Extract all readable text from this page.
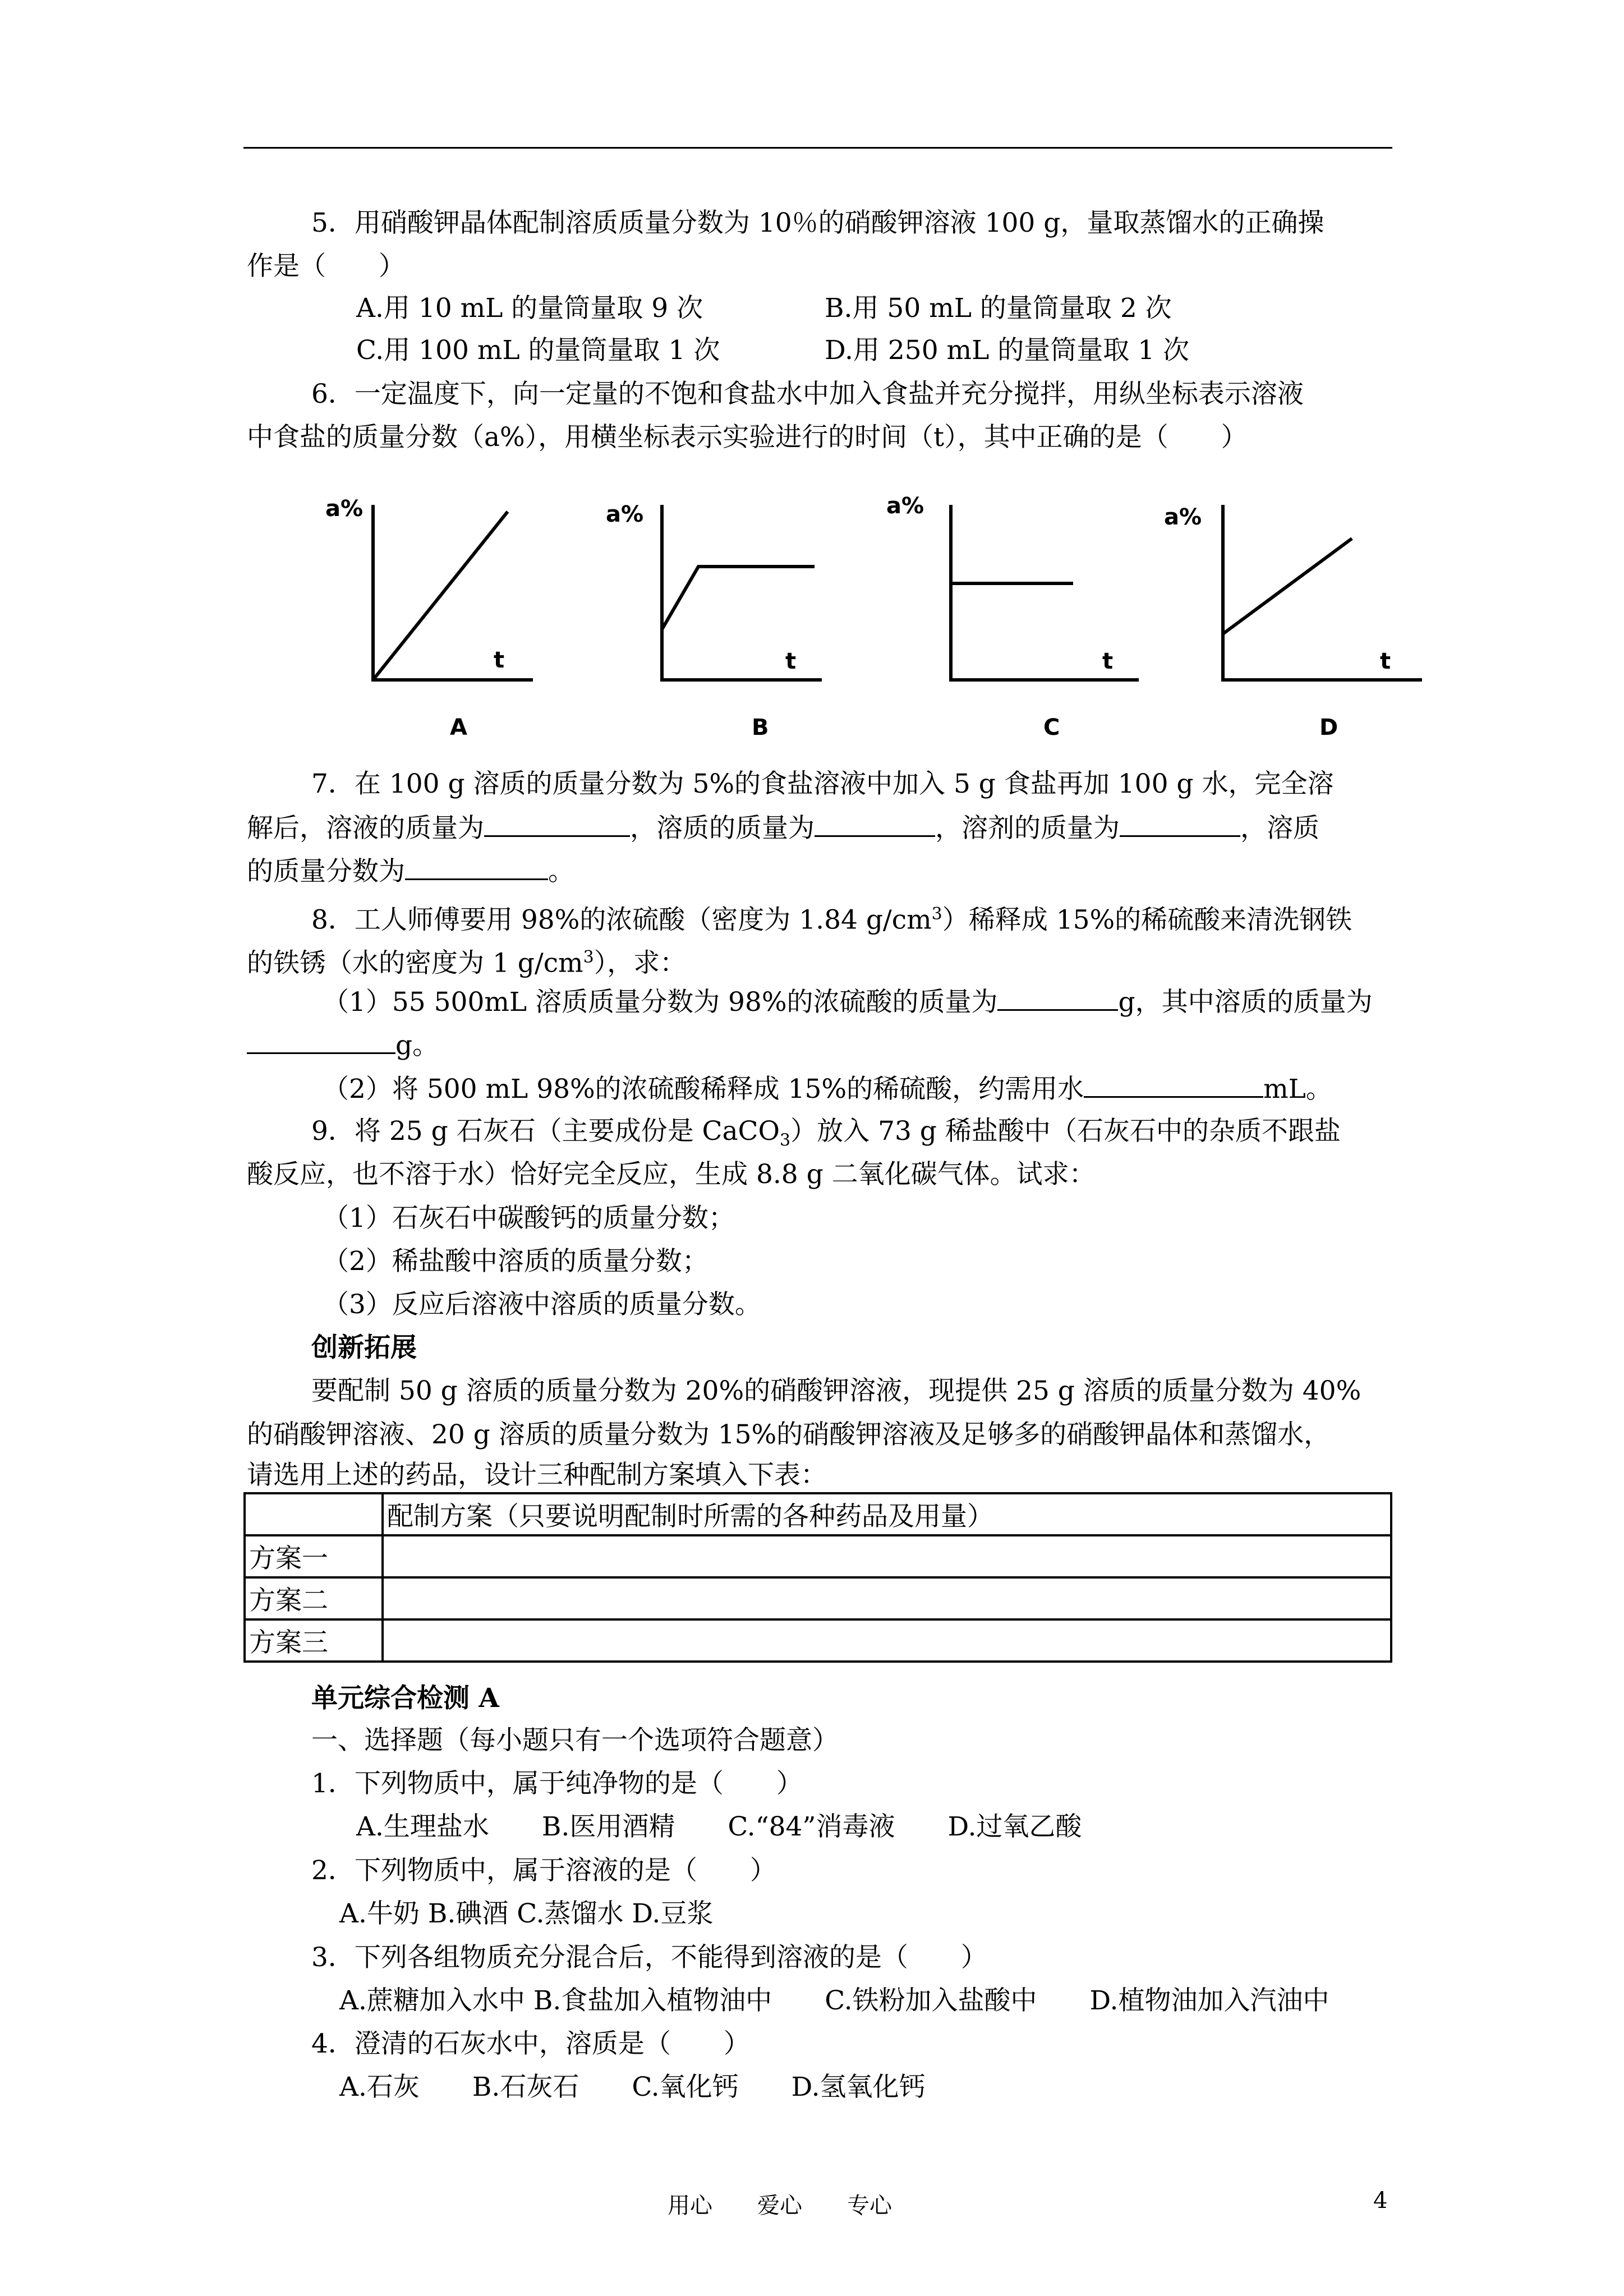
5．用硝酸钾晶体配制溶质质量分数为 10％的硝酸钾溶液 100 g，量取蒸馏水的正确操
作是（　　）
A.用 10 mL 的量筒量取 9 次	B.用 50 mL 的量筒量取 2 次
C.用 100 mL 的量筒量取 1 次	D.用 250 mL 的量筒量取 1 次
6．一定温度下，向一定量的不饱和食盐水中加入食盐并充分搅拌，用纵坐标表示溶液
中食盐的质量分数（a%），用横坐标表示实验进行的时间（t），其中正确的是（　　）
a%
t
A
a%
t
B
a%
t
C
a%
t
D
7．在 100 g 溶质的质量分数为 5%的食盐溶液中加入 5 g 食盐再加 100 g 水，完全溶
解后，溶液的质量为	，溶质的质量为	，溶剂的质量为	，溶质
的质量分数为	。
8．工人师傅要用 98%的浓硫酸（密度为 1.84 $g/cm^3$）稀释成 15%的稀硫酸来清洗钢铁
的铁锈（水的密度为 1 $g/cm^3$），求：
（1）55 500mL 溶质质量分数为 98%的浓硫酸的质量为	g，其中溶质的质量为
g。
（2）将 500 mL 98%的浓硫酸稀释成 15%的稀硫酸，约需用水	mL。
9．将 25 g 石灰石（主要成份是 CaCO$_3$）放入 73 g 稀盐酸中（石灰石中的杂质不跟盐
酸反应，也不溶于水）恰好完全反应，生成 8.8 g 二氧化碳气体。试求：
（1）石灰石中碳酸钙的质量分数；
（2）稀盐酸中溶质的质量分数；
（3）反应后溶液中溶质的质量分数。
创新拓展
要配制 50 g 溶质的质量分数为 20%的硝酸钾溶液，现提供 25 g 溶质的质量分数为 40%
的硝酸钾溶液、20 g 溶质的质量分数为 15%的硝酸钾溶液及足够多的硝酸钾晶体和蒸馏水，
请选用上述的药品，设计三种配制方案填入下表：
	配制方案（只要说明配制时所需的各种药品及用量）
方案一	
方案二	
方案三	
单元综合检测 A
一、选择题（每小题只有一个选项符合题意）
1．下列物质中，属于纯净物的是（　　）
A.生理盐水　　B.医用酒精　　C.“84”消毒液　　D.过氧乙酸
2．下列物质中，属于溶液的是（　　）
A.牛奶 B.碘酒 C.蒸馏水 D.豆浆
3．下列各组物质充分混合后，不能得到溶液的是（　　）
A.蔗糖加入水中 B.食盐加入植物油中　　C.铁粉加入盐酸中　　D.植物油加入汽油中
4．澄清的石灰水中，溶质是（　　）
A.石灰　　B.石灰石　　C.氧化钙　　D.氢氧化钙
用心　　爱心　　专心	4
